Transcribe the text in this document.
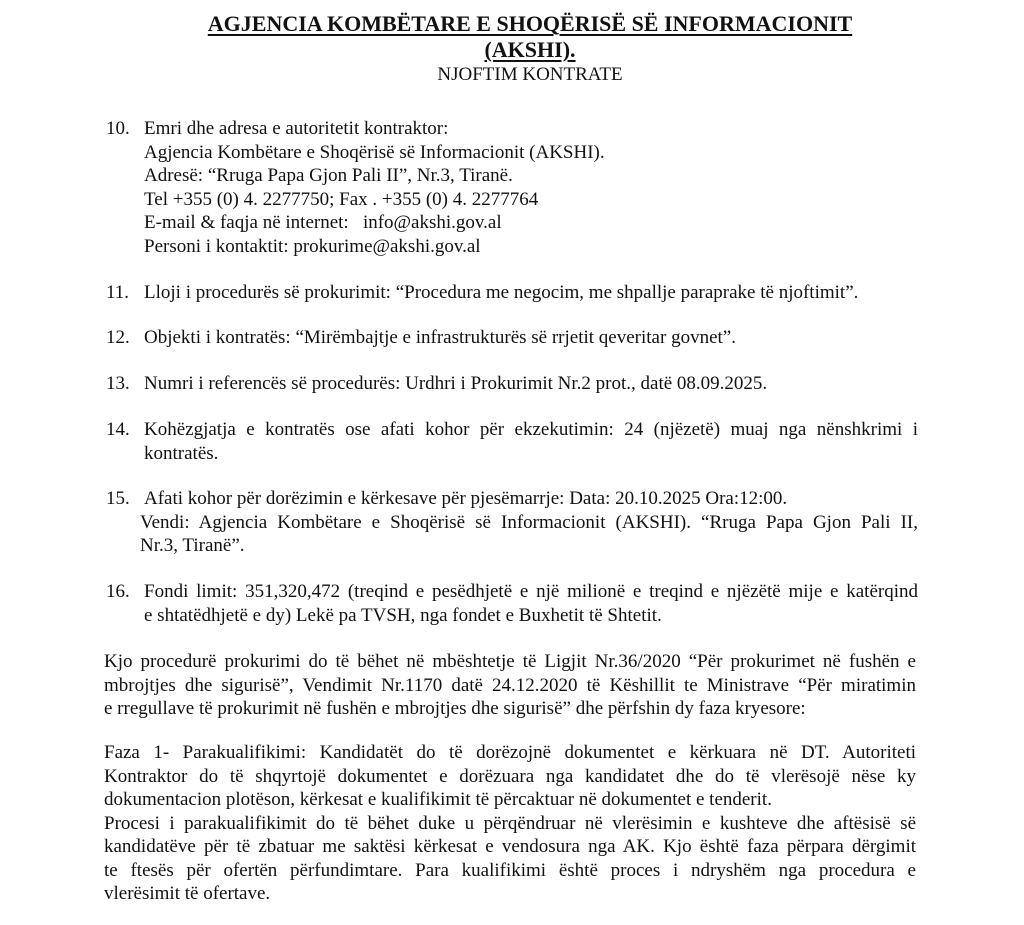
AGJENCIA KOMBËTARE E SHOQËRISË SË INFORMACIONIT

(AKSHI).

NJOFTIM KONTRATE

10. Emri dhe adresa e autoritetit kontraktor:
Agjencia Kombëtare e Shoqërisë së Informacionit (AKSHI).
Adresë: “Rruga Papa Gjon Pali II”, Nr.3, Tiranë.
Tel +355 (0) 4. 2277750; Fax . +355 (0) 4. 2277764
E-mail & faqja në internet:   info@akshi.gov.al
Personi i kontaktit: prokurime@akshi.gov.al
11. Lloji i procedurës së prokurimit: “Procedura me negocim, me shpallje paraprake të njoftimit”.
12. Objekti i kontratës: “Mirëmbajtje e infrastrukturës së rrjetit qeveritar govnet”.
13. Numri i referencës së procedurës: Urdhri i Prokurimit Nr.2 prot., datë 08.09.2025.
14. Kohëzgjatja e kontratës ose afati kohor për ekzekutimin: 24 (njëzetë) muaj nga nënshkrimi i
kontratës.
15. Afati kohor për dorëzimin e kërkesave për pjesëmarrje: Data: 20.10.2025 Ora:12:00.
Vendi: Agjencia Kombëtare e Shoqërisë së Informacionit (AKSHI). “Rruga Papa Gjon Pali II,
Nr.3, Tiranë”.
16. Fondi limit: 351,320,472 (treqind e pesëdhjetë e një milionë e treqind e njëzëtë mije e katërqind
e shtatëdhjetë e dy) Lekë pa TVSH, nga fondet e Buxhetit të Shtetit.
Kjo procedurë prokurimi do të bëhet në mbështetje të Ligjit Nr.36/2020 “Për prokurimet në fushën e
mbrojtjes dhe sigurisë”, Vendimit Nr.1170 datë 24.12.2020 të Këshillit te Ministrave “Për miratimin
e rregullave të prokurimit në fushën e mbrojtjes dhe sigurisë” dhe përfshin dy faza kryesore:
Faza 1- Parakualifikimi: Kandidatët do të dorëzojnë dokumentet e kërkuara në DT. Autoriteti
Kontraktor do të shqyrtojë dokumentet e dorëzuara nga kandidatet dhe do të vlerësojë nëse ky
dokumentacion plotëson, kërkesat e kualifikimit të përcaktuar në dokumentet e tenderit.
Procesi i parakualifikimit do të bëhet duke u përqëndruar në vlerësimin e kushteve dhe aftësisë së
kandidatëve për të zbatuar me saktësi kërkesat e vendosura nga AK. Kjo është faza përpara dërgimit
te ftesës për ofertën përfundimtare. Para kualifikimi është proces i ndryshëm nga procedura e
vlerësimit të ofertave.
